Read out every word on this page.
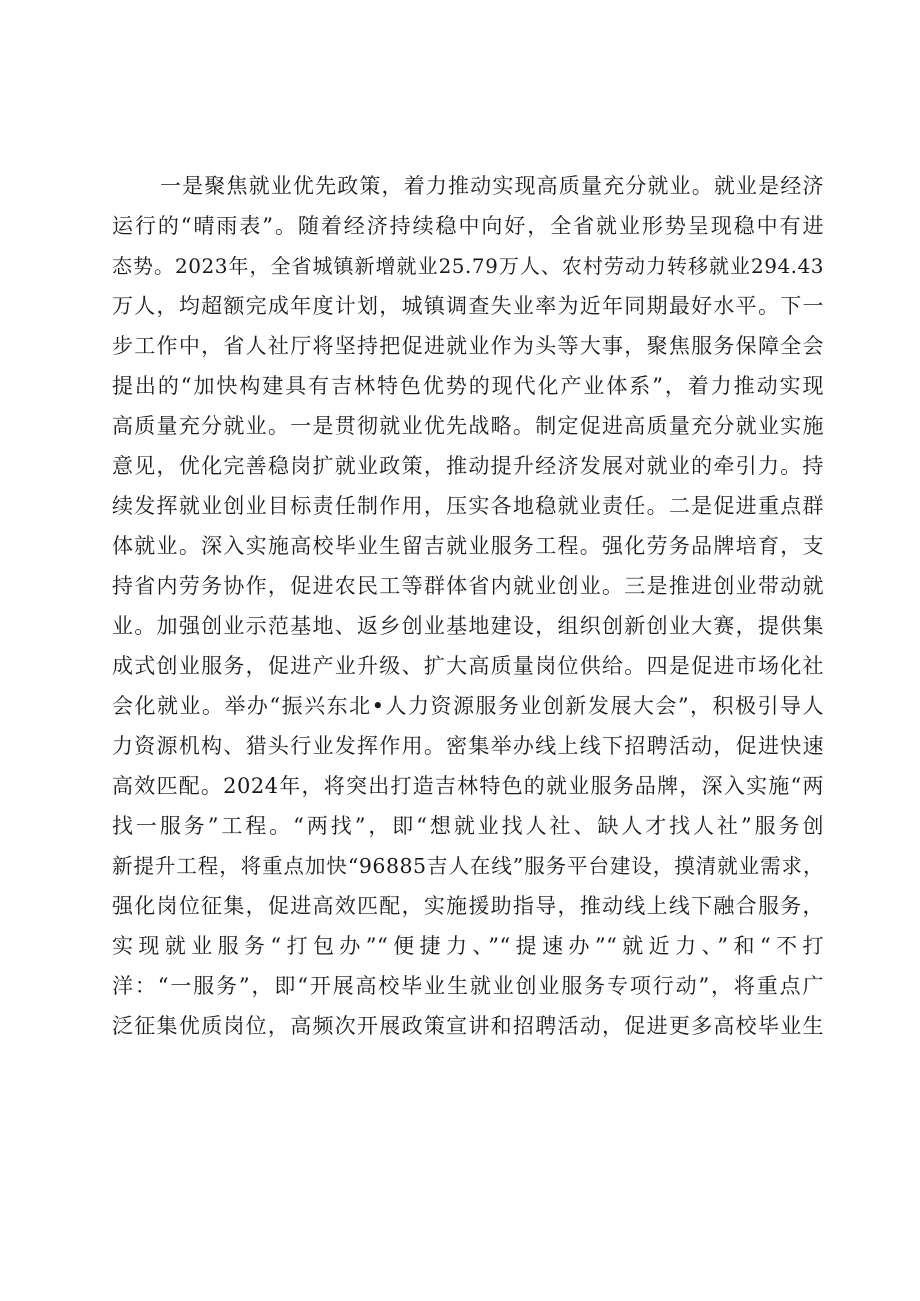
一是聚焦就业优先政策，着力推动实现高质量充分就业。就业是经济
运行的“晴雨表”。随着经济持续稳中向好，全省就业形势呈现稳中有进
态势。2023年，全省城镇新增就业25.79万人、农村劳动力转移就业294.43
万人，均超额完成年度计划，城镇调查失业率为近年同期最好水平。下一
步工作中，省人社厅将坚持把促进就业作为头等大事，聚焦服务保障全会
提出的“加快构建具有吉林特色优势的现代化产业体系”，着力推动实现
高质量充分就业。一是贯彻就业优先战略。制定促进高质量充分就业实施
意见，优化完善稳岗扩就业政策，推动提升经济发展对就业的牵引力。持
续发挥就业创业目标责任制作用，压实各地稳就业责任。二是促进重点群
体就业。深入实施高校毕业生留吉就业服务工程。强化劳务品牌培育，支
持省内劳务协作，促进农民工等群体省内就业创业。三是推进创业带动就
业。加强创业示范基地、返乡创业基地建设，组织创新创业大赛，提供集
成式创业服务，促进产业升级、扩大高质量岗位供给。四是促进市场化社
会化就业。举办“振兴东北•人力资源服务业创新发展大会”，积极引导人
力资源机构、猎头行业发挥作用。密集举办线上线下招聘活动，促进快速
高效匹配。2024年，将突出打造吉林特色的就业服务品牌，深入实施“两
找一服务”工程。“两找”，即“想就业找人社、缺人才找人社”服务创
新提升工程，将重点加快“96885吉人在线”服务平台建设，摸清就业需求，
强化岗位征集，促进高效匹配，实施援助指导，推动线上线下融合服务，
实现就业服务“打包办”“便捷力、”“提速办”“就近力、”和“不打
洋：“一服务”，即“开展高校毕业生就业创业服务专项行动”，将重点广
泛征集优质岗位，高频次开展政策宣讲和招聘活动，促进更多高校毕业生
